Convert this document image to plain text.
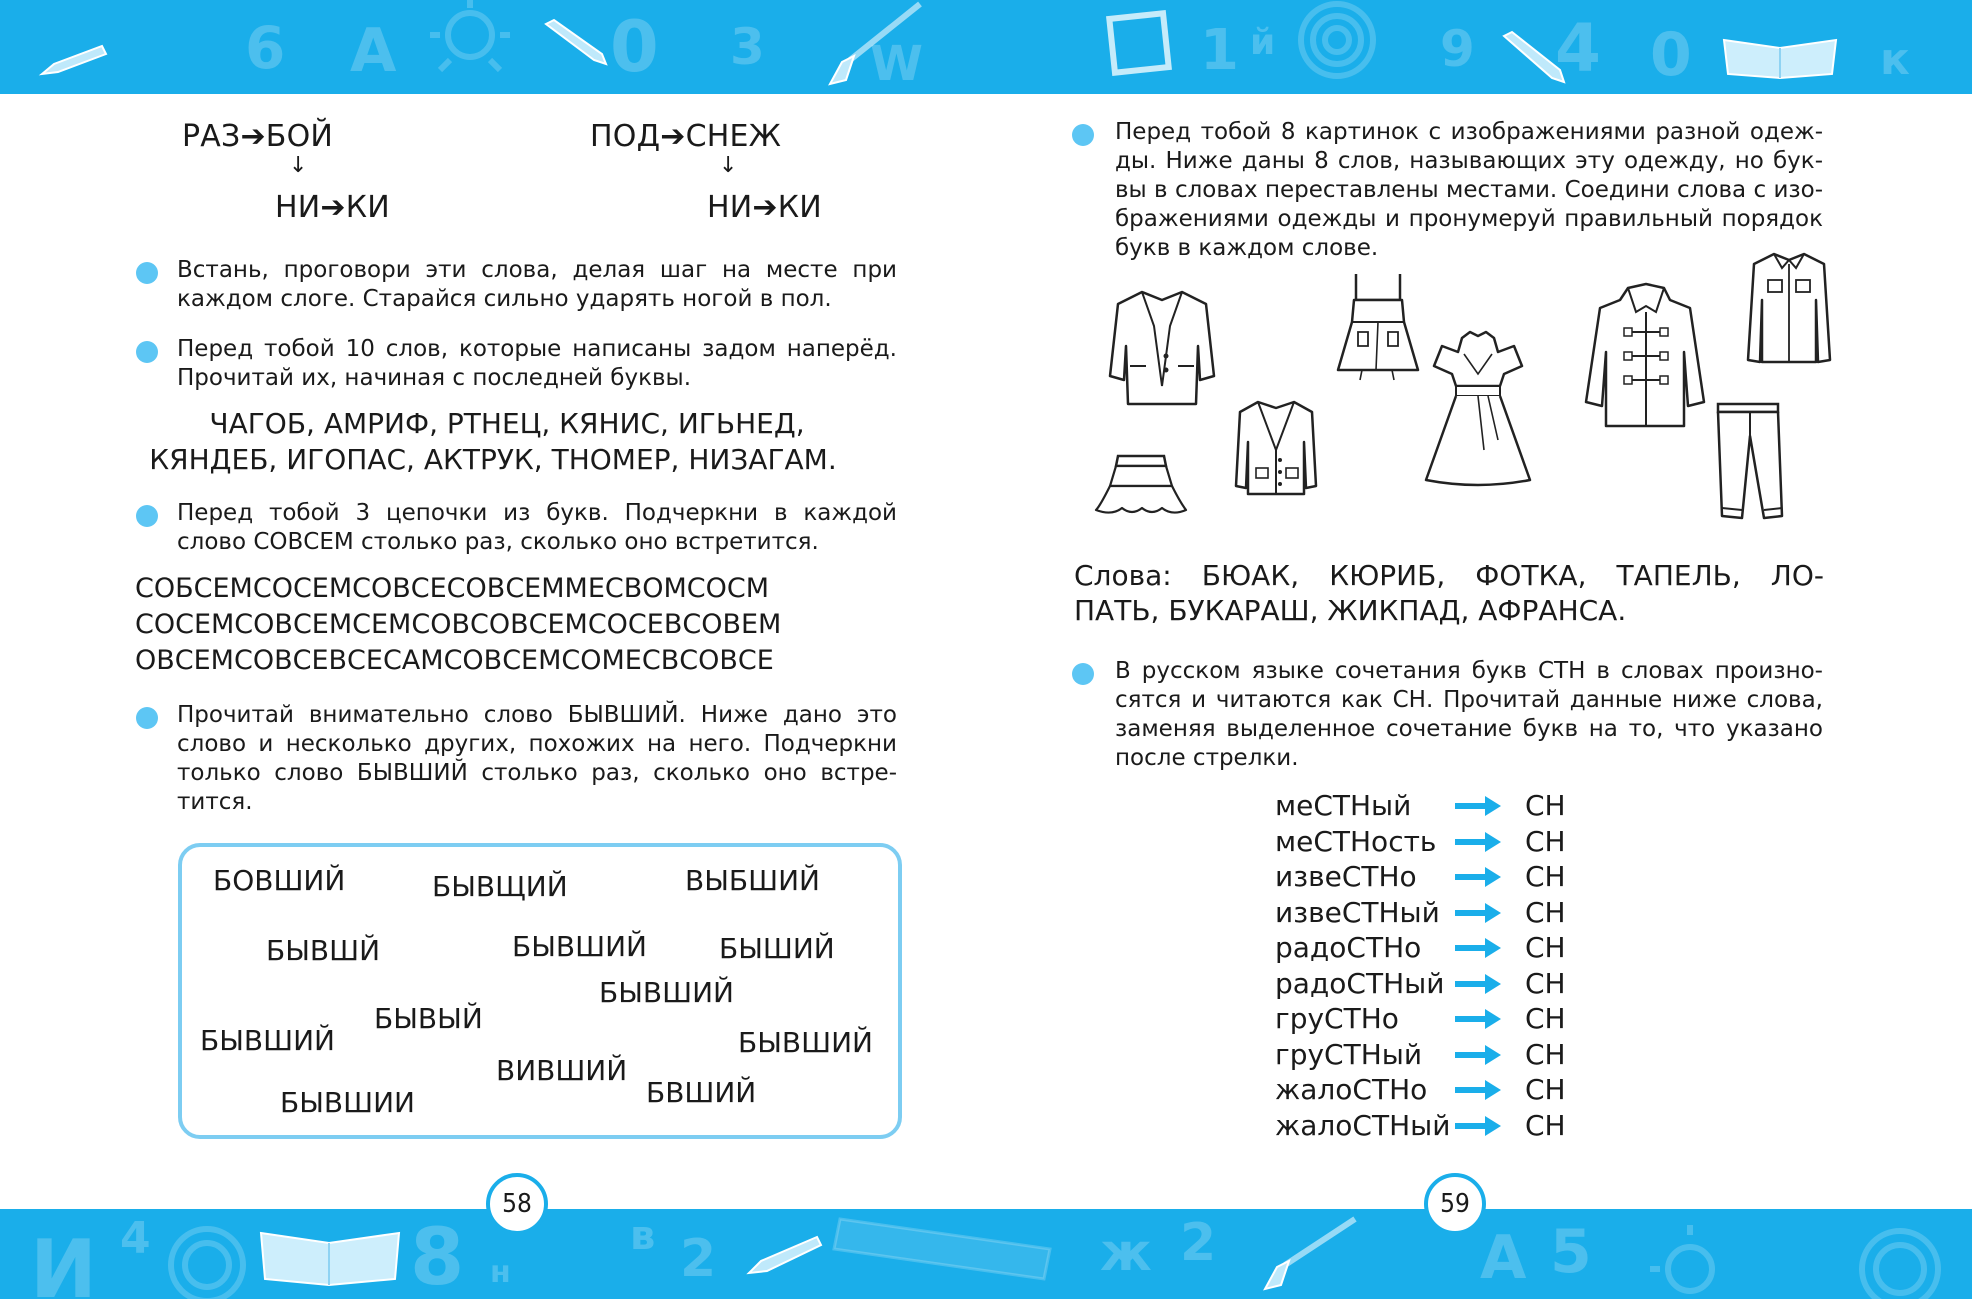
6 А	0 3 W	1 й	9 4 0	к
И 4	8 н
в 2	ж 2	А 5
РАЗ➔БОЙ
↓
НИ➔КИ
ПОД➔СНЕЖ
↓
НИ➔КИ
Встань, проговори эти слова, делая шаг на месте при
каждом слоге. Старайся сильно ударять ногой в пол.
Перед тобой 10 слов, которые написаны задом наперёд.
Прочитай их, начиная с последней буквы.
ЧАГОБ, АМРИФ, РТНЕЦ, КЯНИС, ИГЬНЕД,
КЯНДЕБ, ИГОПАС, АКТРУК, ТНОМЕР, НИЗАГАМ.
Перед тобой 3 цепочки из букв. Подчеркни в каждой
слово СОВСЕМ столько раз, сколько оно встретится.
СОБСЕМСОСЕМСОВСЕСОВСЕММЕСВОМСОСМ
СОСЕМСОВСЕМСЕМСОВСОВСЕМСОСЕВСОВЕМ
ОВСЕМСОВСЕВСЕСАМСОВСЕМСОМЕСВСОВСЕ
Прочитай внимательно слово БЫВШИЙ. Ниже дано это
слово и несколько других, похожих на него. Подчеркни
только слово БЫВШИЙ столько раз, сколько оно встре-
тится.
БОВШИЙ	БЫВЩИЙ	ВЫБШИЙ
БЫВШЙ	БЫВШИЙ	БЫШИЙ
БЫВШИЙ
БЫВЫЙ
БЫВШИЙ	БЫВШИЙ
ВИВШИЙ
БВШИЙ
БЫВШИИ
58
Перед тобой 8 картинок с изображениями разной одеж-
ды. Ниже даны 8 слов, называющих эту одежду, но бук-
вы в словах переставлены местами. Соедини слова с изо-
бражениями одежды и пронумеруй правильный порядок
букв в каждом слове.
Слова: БЮАК, КЮРИБ, ФОТКА, ТАПЕЛЬ, ЛО-
ПАТЬ, БУКАРАШ, ЖИКПАД, АФРАНСА.
В русском языке сочетания букв СТН в словах произно-
сятся и читаются как СН. Прочитай данные ниже слова,
заменяя выделенное сочетание букв на то, что указано
после стрелки.
меСТНый	СН
меСТНость	СН
извеСТНо	СН
извеСТНый	СН
радоСТНо	СН
радоСТНый	СН
груСТНо	СН
груСТНый	СН
жалоСТНо	СН
жалоСТНый	СН
59
